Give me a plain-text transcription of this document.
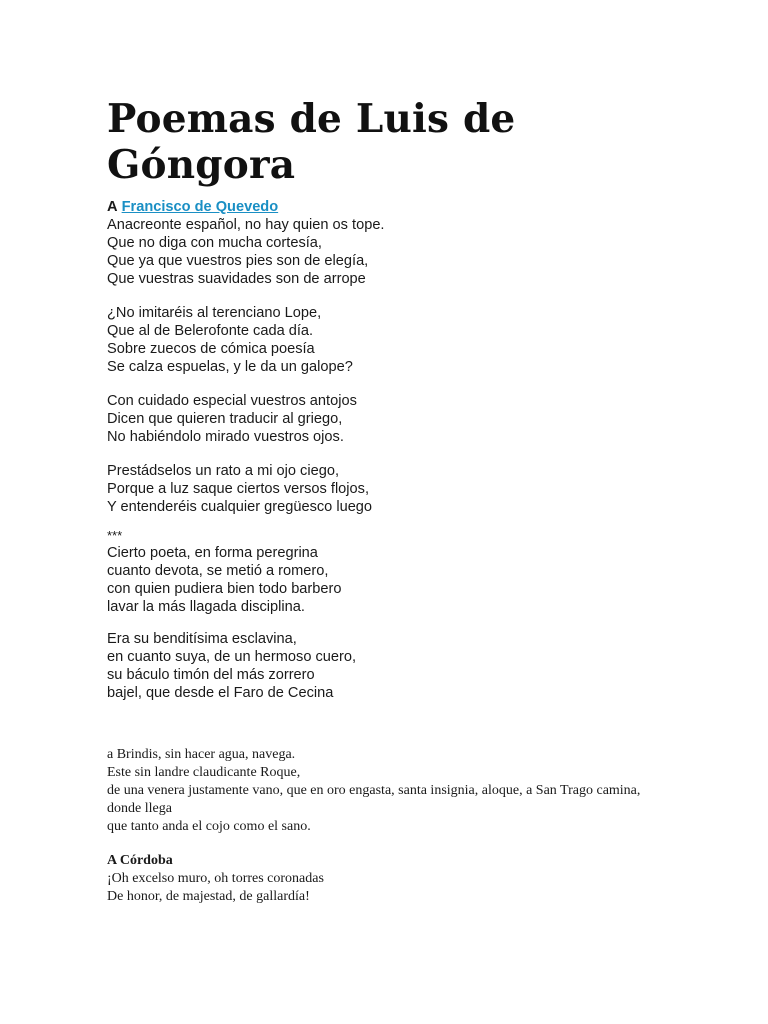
Poemas de Luis de Góngora
A Francisco de Quevedo

Anacreonte español, no hay quien os tope.
Que no diga con mucha cortesía,
Que ya que vuestros pies son de elegía,
Que vuestras suavidades son de arrope

¿No imitaréis al terenciano Lope,
Que al de Belerofonte cada día.
Sobre zuecos de cómica poesía
Se calza espuelas, y le da un galope?

Con cuidado especial vuestros antojos
Dicen que quieren traducir al griego,
No habiéndolo mirado vuestros ojos.

Prestádselos un rato a mi ojo ciego,
Porque a luz saque ciertos versos flojos,
Y entenderéis cualquier gregüesco luego

***

Cierto poeta, en forma peregrina
cuanto devota, se metió a romero,
con quien pudiera bien todo barbero
lavar la más llagada disciplina.

Era su benditísima esclavina,
en cuanto suya, de un hermoso cuero,
su báculo timón del más zorrero
bajel, que desde el Faro de Cecina

a Brindis, sin hacer agua, navega.
Este sin landre claudicante Roque,
de una venera justamente vano, que en oro engasta, santa insignia, aloque, a San Trago camina, donde llega
que tanto anda el cojo como el sano.
A Córdoba
¡Oh excelso muro, oh torres coronadas
De honor, de majestad, de gallardía!
